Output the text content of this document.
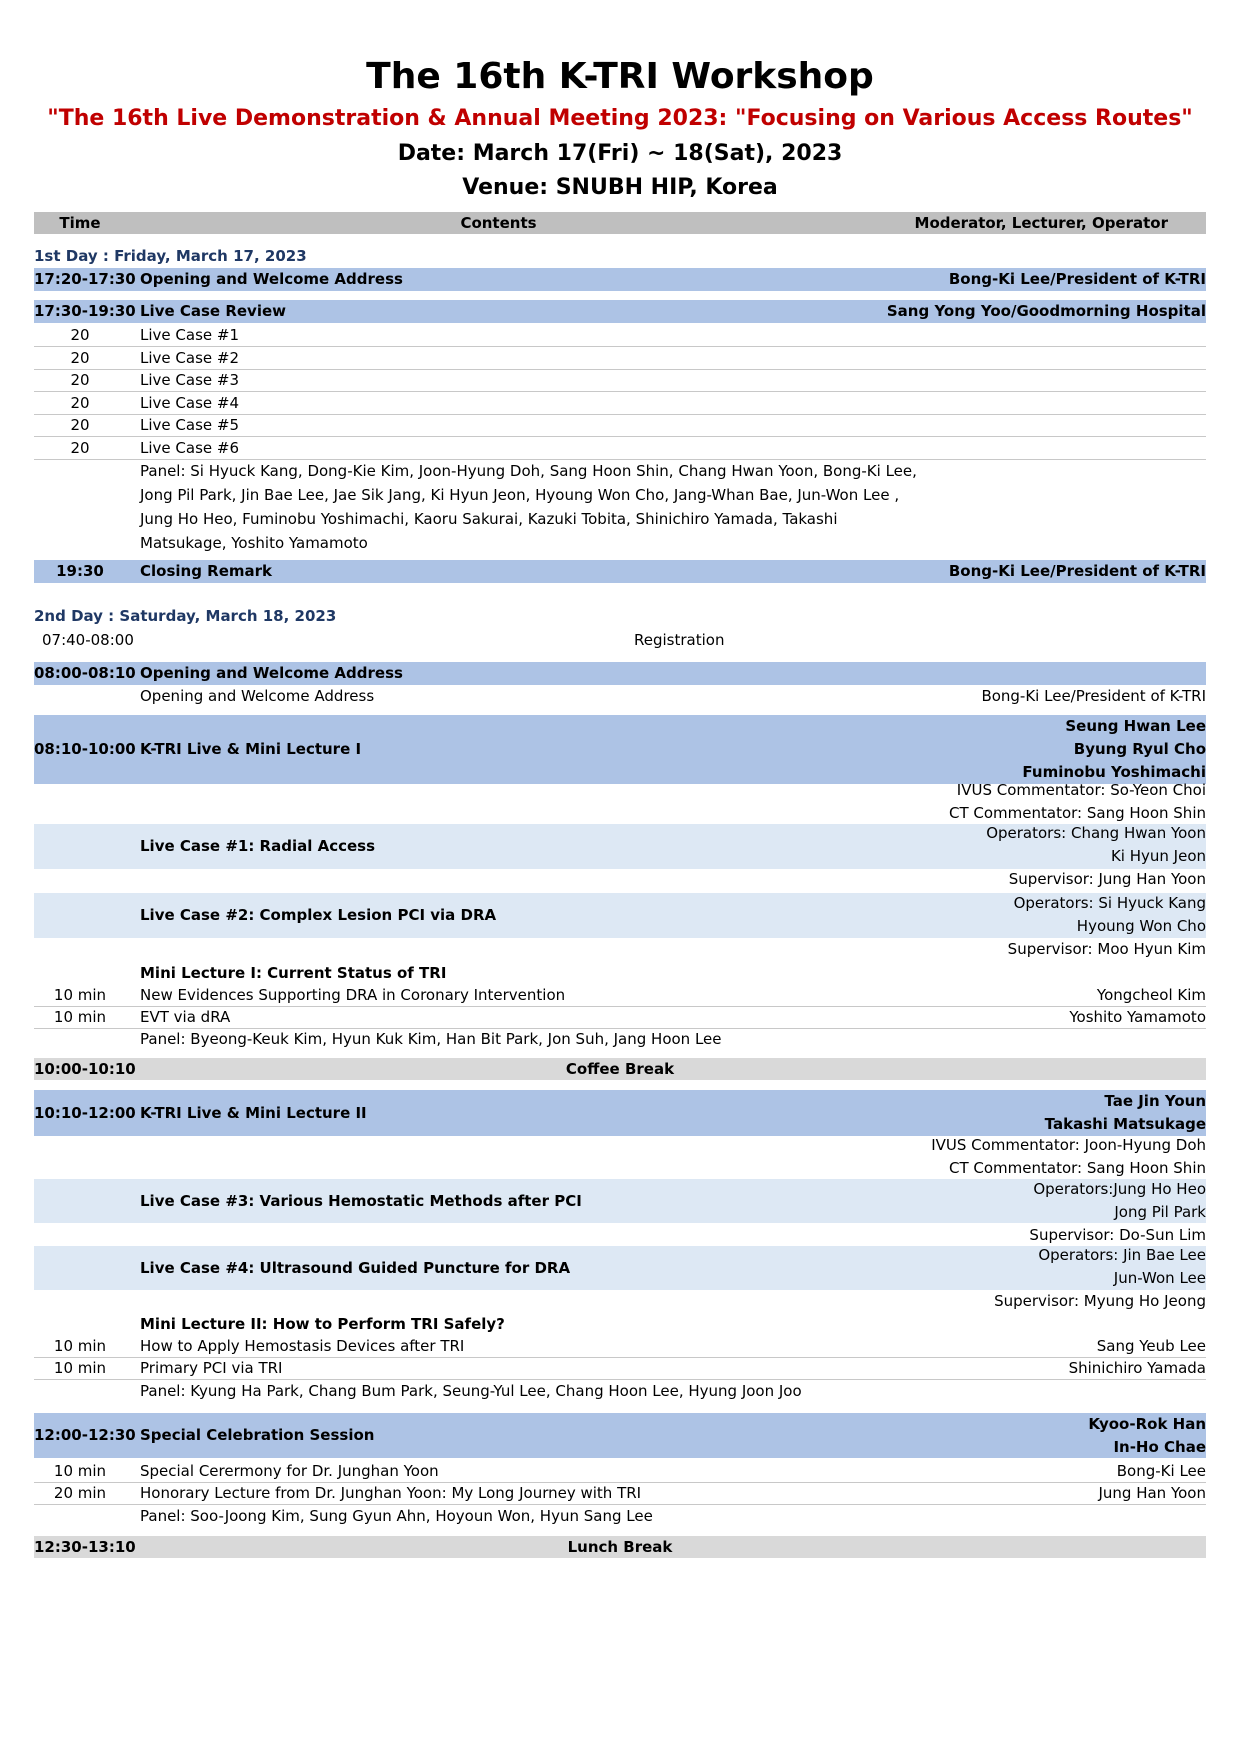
The 16th K-TRI Workshop
"The 16th Live Demonstration & Annual Meeting 2023: "Focusing on Various Access Routes"
Date: March 17(Fri) ~ 18(Sat), 2023
Venue: SNUBH HIP, Korea
Time	Contents	Moderator, Lecturer, Operator
1st Day : Friday, March 17, 2023
17:20-17:30 Opening and Welcome Address	Bong-Ki Lee/President of K-TRI
17:30-19:30 Live Case Review	Sang Yong Yoo/Goodmorning Hospital
20	Live Case #1
20	Live Case #2
20	Live Case #3
20	Live Case #4
20	Live Case #5
20	Live Case #6
Panel: Si Hyuck Kang, Dong-Kie Kim, Joon-Hyung Doh, Sang Hoon Shin, Chang Hwan Yoon, Bong-Ki Lee, Jong Pil Park, Jin Bae Lee, Jae Sik Jang, Ki Hyun Jeon, Hyoung Won Cho, Jang-Whan Bae, Jun-Won Lee , Jung Ho Heo, Fuminobu Yoshimachi, Kaoru Sakurai, Kazuki Tobita, Shinichiro Yamada, Takashi Matsukage, Yoshito Yamamoto
19:30	Closing Remark	Bong-Ki Lee/President of K-TRI
2nd Day : Saturday, March 18, 2023
07:40-08:00	Registration
08:00-08:10 Opening and Welcome Address
Opening and Welcome Address	Bong-Ki Lee/President of K-TRI
08:10-10:00 K-TRI Live & Mini Lecture I
Seung Hwan Lee
Byung Ryul Cho
Fuminobu Yoshimachi
IVUS Commentator: So-Yeon Choi
CT Commentator: Sang Hoon Shin
Live Case #1: Radial Access
Operators: Chang Hwan Yoon
Ki Hyun Jeon
Supervisor: Jung Han Yoon
Live Case #2: Complex Lesion PCI via DRA
Operators: Si Hyuck Kang
Hyoung Won Cho
Supervisor: Moo Hyun Kim
Mini Lecture I: Current Status of TRI
10 min	New Evidences Supporting DRA in Coronary Intervention	Yongcheol Kim
10 min	EVT via dRA	Yoshito Yamamoto
Panel: Byeong-Keuk Kim, Hyun Kuk Kim, Han Bit Park, Jon Suh, Jang Hoon Lee
10:00-10:10	Coffee Break
10:10-12:00 K-TRI Live & Mini Lecture II
Tae Jin Youn
Takashi Matsukage
IVUS Commentator: Joon-Hyung Doh
CT Commentator: Sang Hoon Shin
Live Case #3: Various Hemostatic Methods after PCI
Operators:Jung Ho Heo
Jong Pil Park
Supervisor: Do-Sun Lim
Live Case #4: Ultrasound Guided Puncture for DRA
Operators: Jin Bae Lee
Jun-Won Lee
Supervisor: Myung Ho Jeong
Mini Lecture II: How to Perform TRI Safely?
10 min	How to Apply Hemostasis Devices after TRI	Sang Yeub Lee
10 min	Primary PCI via TRI	Shinichiro Yamada
Panel: Kyung Ha Park, Chang Bum Park, Seung-Yul Lee, Chang Hoon Lee, Hyung Joon Joo
12:00-12:30 Special Celebration Session
Kyoo-Rok Han
In-Ho Chae
10 min	Special Cerermony for Dr. Junghan Yoon	Bong-Ki Lee
20 min	Honorary Lecture from Dr. Junghan Yoon: My Long Journey with TRI	Jung Han Yoon
Panel: Soo-Joong Kim, Sung Gyun Ahn, Hoyoun Won, Hyun Sang Lee
12:30-13:10	Lunch Break
